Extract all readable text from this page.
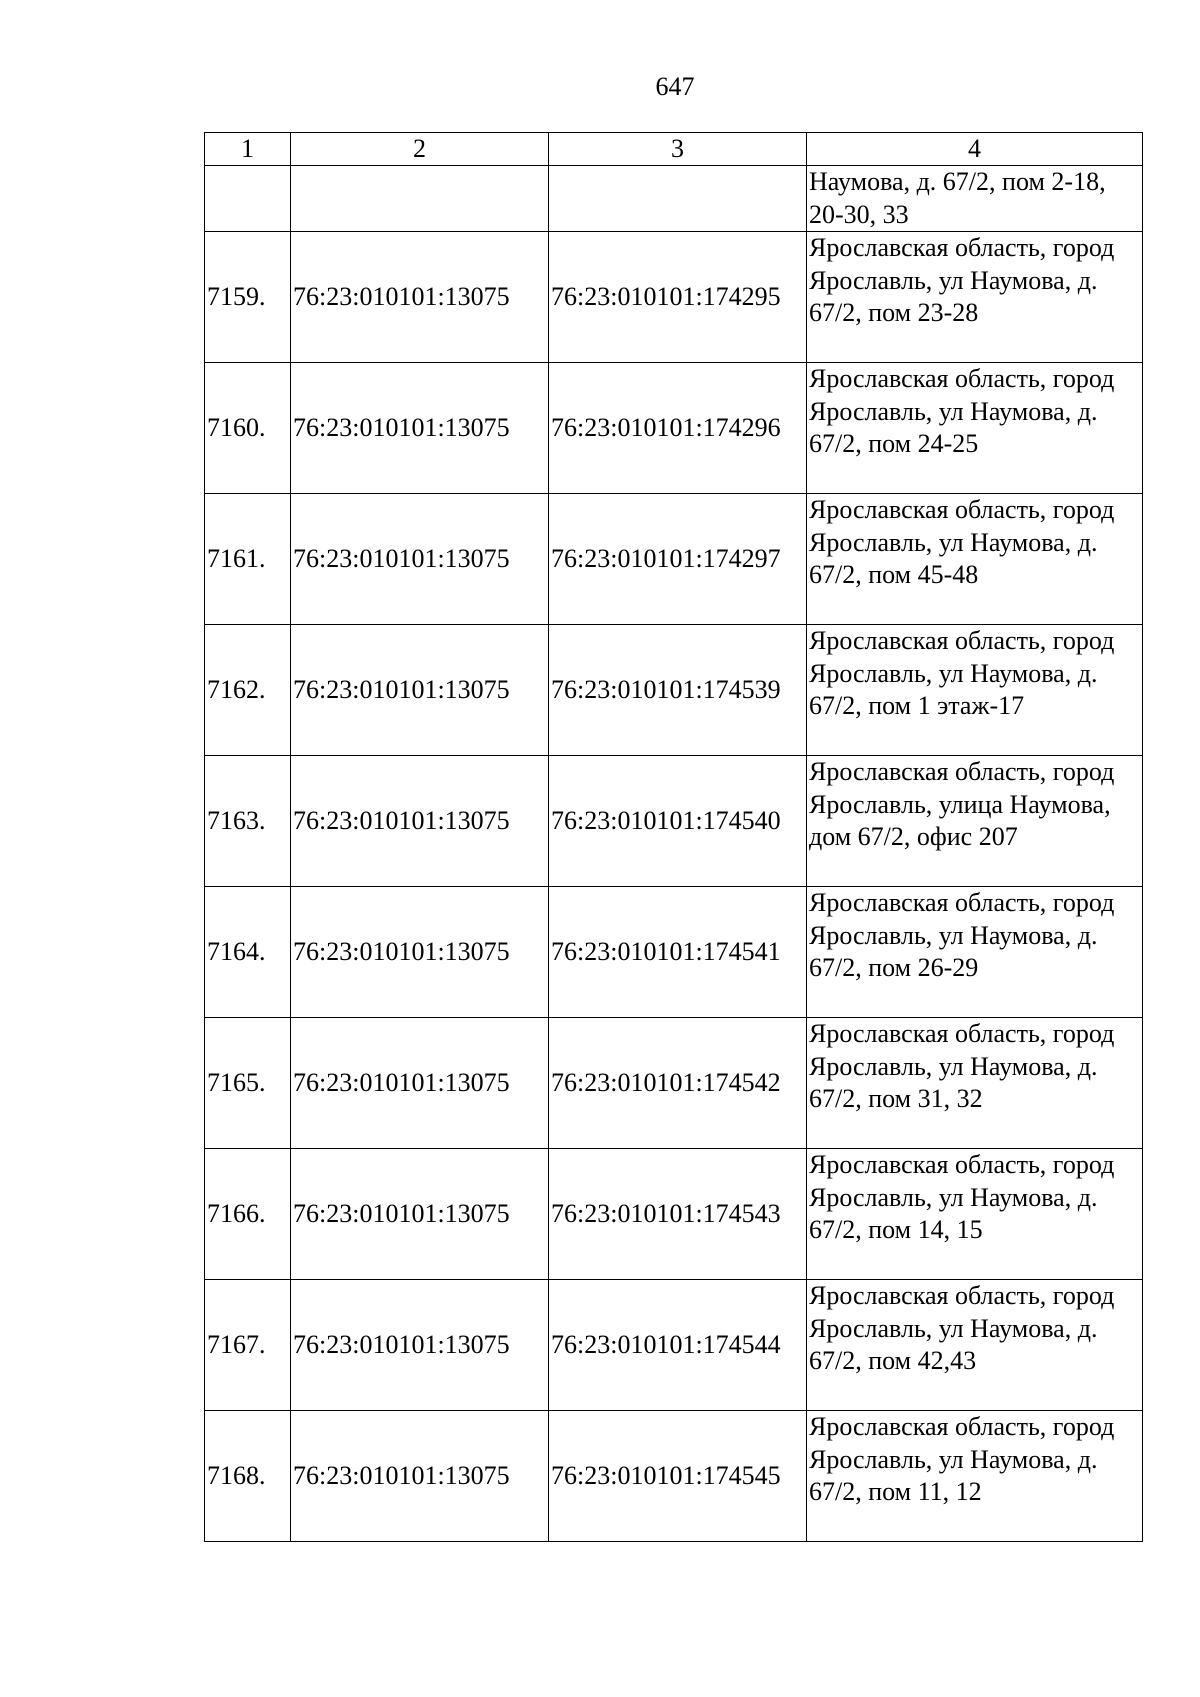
647
1	2	3	4
			Наумова, д. 67/2, пом 2-18, 20-30, 33
7159.	76:23:010101:13075	76:23:010101:174295	Ярославская область, город Ярославль, ул Наумова, д. 67/2, пом 23-28
7160.	76:23:010101:13075	76:23:010101:174296	Ярославская область, город Ярославль, ул Наумова, д. 67/2, пом 24-25
7161.	76:23:010101:13075	76:23:010101:174297	Ярославская область, город Ярославль, ул Наумова, д. 67/2, пом 45-48
7162.	76:23:010101:13075	76:23:010101:174539	Ярославская область, город Ярославль, ул Наумова, д. 67/2, пом 1 этаж-17
7163.	76:23:010101:13075	76:23:010101:174540	Ярославская область, город Ярославль, улица Наумова, дом 67/2, офис 207
7164.	76:23:010101:13075	76:23:010101:174541	Ярославская область, город Ярославль, ул Наумова, д. 67/2, пом 26-29
7165.	76:23:010101:13075	76:23:010101:174542	Ярославская область, город Ярославль, ул Наумова, д. 67/2, пом 31, 32
7166.	76:23:010101:13075	76:23:010101:174543	Ярославская область, город Ярославль, ул Наумова, д. 67/2, пом 14, 15
7167.	76:23:010101:13075	76:23:010101:174544	Ярославская область, город Ярославль, ул Наумова, д. 67/2, пом 42,43
7168.	76:23:010101:13075	76:23:010101:174545	Ярославская область, город Ярославль, ул Наумова, д. 67/2, пом 11, 12
